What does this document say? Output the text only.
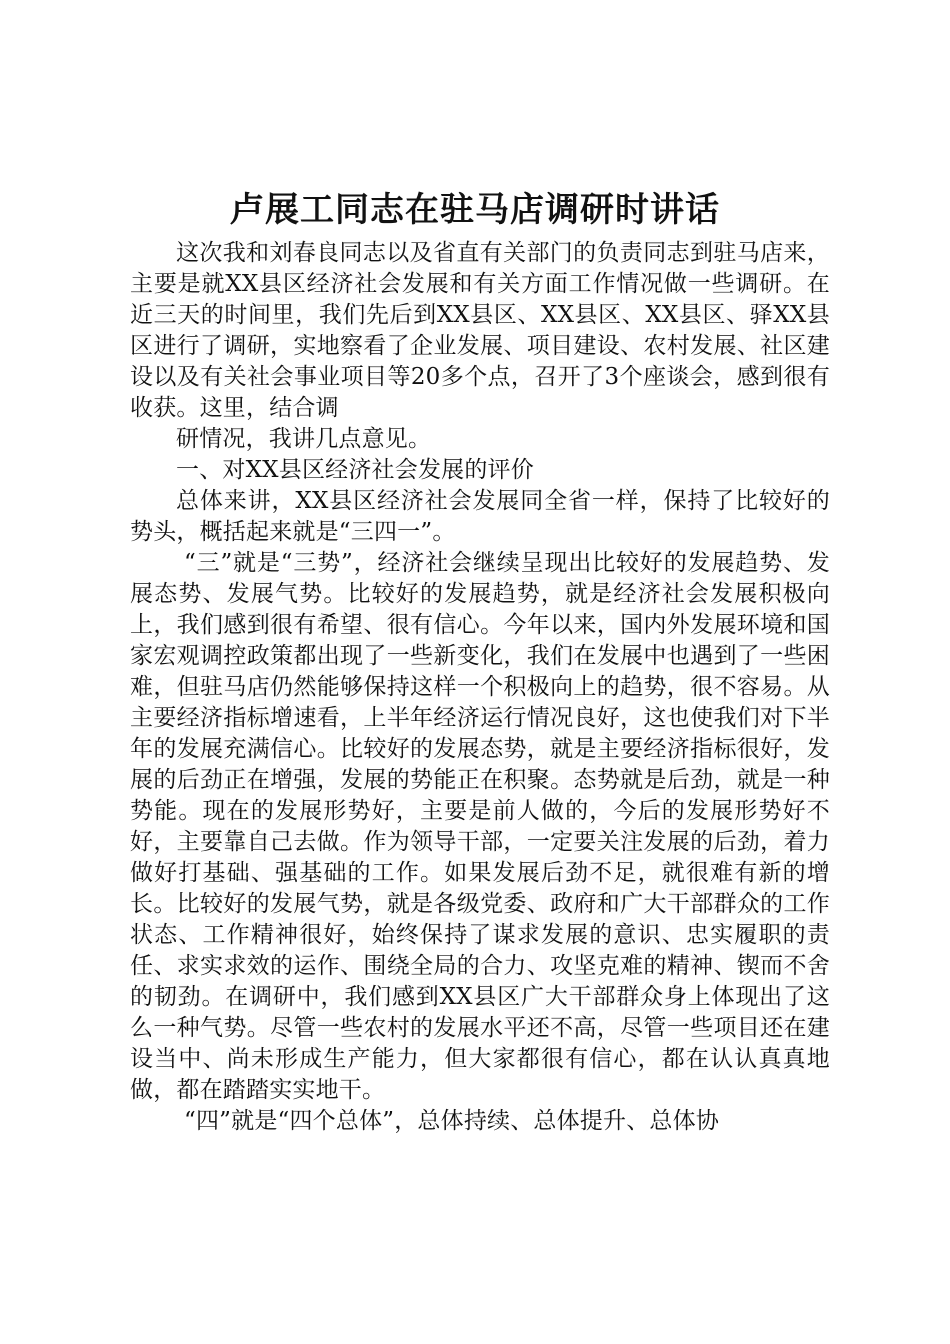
卢展工同志在驻马店调研时讲话

这次我和刘春良同志以及省直有关部门的负责同志到驻马店来，主要是就XX县区经济社会发展和有关方面工作情况做一些调研。在近三天的时间里，我们先后到XX县区、XX县区、XX县区、驿XX县区进行了调研，实地察看了企业发展、项目建设、农村发展、社区建设以及有关社会事业项目等20多个点，召开了3个座谈会，感到很有收获。这里，结合调

研情况，我讲几点意见。

一、对XX县区经济社会发展的评价

总体来讲，XX县区经济社会发展同全省一样，保持了比较好的势头，概括起来就是“三四一”。

“三”就是“三势”，经济社会继续呈现出比较好的发展趋势、发展态势、发展气势。比较好的发展趋势，就是经济社会发展积极向上，我们感到很有希望、很有信心。今年以来，国内外发展环境和国家宏观调控政策都出现了一些新变化，我们在发展中也遇到了一些困难，但驻马店仍然能够保持这样一个积极向上的趋势，很不容易。从主要经济指标增速看，上半年经济运行情况良好，这也使我们对下半年的发展充满信心。比较好的发展态势，就是主要经济指标很好，发展的后劲正在增强，发展的势能正在积聚。态势就是后劲，就是一种势能。现在的发展形势好，主要是前人做的，今后的发展形势好不好，主要靠自己去做。作为领导干部，一定要关注发展的后劲，着力做好打基础、强基础的工作。如果发展后劲不足，就很难有新的增长。比较好的发展气势，就是各级党委、政府和广大干部群众的工作状态、工作精神很好，始终保持了谋求发展的意识、忠实履职的责任、求实求效的运作、围绕全局的合力、攻坚克难的精神、锲而不舍的韧劲。在调研中，我们感到XX县区广大干部群众身上体现出了这么一种气势。尽管一些农村的发展水平还不高，尽管一些项目还在建设当中、尚未形成生产能力，但大家都很有信心，都在认认真真地做，都在踏踏实实地干。

“四”就是“四个总体”，总体持续、总体提升、总体协
